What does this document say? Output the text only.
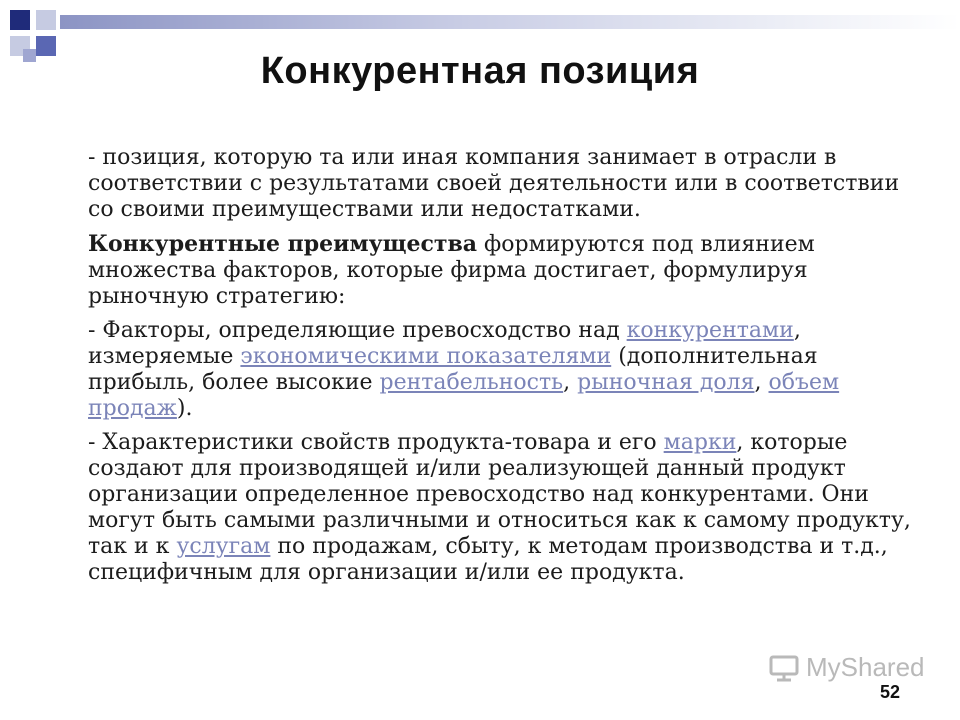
Конкурентная позиция

- позиция, которую та или иная компания занимает в отрасли в соответствии с результатами своей деятельности или в соответствии со своими преимуществами или недостатками.

Конкурентные преимущества формируются под влиянием множества факторов, которые фирма достигает, формулируя рыночную стратегию:

- Факторы, определяющие превосходство над конкурентами, измеряемые экономическими показателями (дополнительная прибыль, более высокие рентабельность, рыночная доля, объем продаж).

- Характеристики свойств продукта-товара и его марки, которые создают для производящей и/или реализующей данный продукт организации определенное превосходство над конкурентами. Они могут быть самыми различными и относиться как к самому продукту, так и к услугам по продажам, сбыту, к методам производства и т.д., специфичным для организации и/или ее продукта.

MyShared
52
